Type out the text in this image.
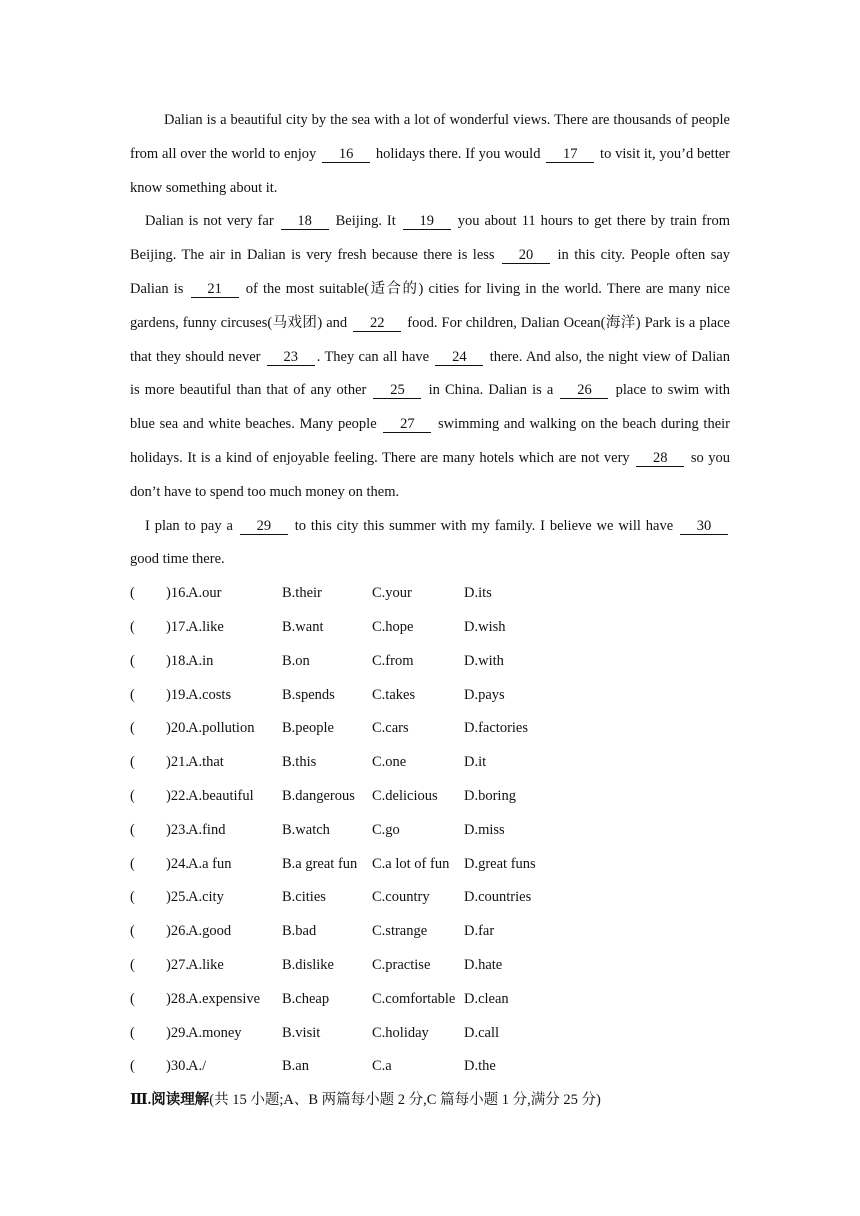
Dalian is a beautiful city by the sea with a lot of wonderful views. There are thousands of people from all over the world to enjoy 16 holidays there. If you would 17 to visit it, you’d better know something about it.

Dalian is not very far 18 Beijing. It 19 you about 11 hours to get there by train from Beijing. The air in Dalian is very fresh because there is less 20 in this city. People often say Dalian is 21 of the most suitable(适合的) cities for living in the world. There are many nice gardens, funny circuses(马戏团) and 22 food. For children, Dalian Ocean(海洋) Park is a place that they should never 23 . They can all have 24 there. And also, the night view of Dalian is more beautiful than that of any other 25 in China. Dalian is a 26 place to swim with blue sea and white beaches. Many people 27 swimming and walking on the beach during their holidays. It is a kind of enjoyable feeling. There are many hotels which are not very 28 so you don’t have to spend too much money on them.

I plan to pay a 29 to this city this summer with my family. I believe we will have 30 good time there.

( )16. A.our	B.their	C.your	D.its
( )17. A.like	B.want	C.hope	D.wish
( )18. A.in	B.on	C.from	D.with
( )19. A.costs	B.spends	C.takes	D.pays
( )20. A.pollution B.people	C.cars	D.factories
( )21. A.that	B.this	C.one	D.it
( )22. A.beautiful B.dangerous C.delicious D.boring
( )23. A.find	B.watch	C.go	D.miss
( )24. A.a fun	B.a great fun C.a lot of fun D.great funs
( )25. A.city	B.cities	C.country D.countries
( )26. A.good	B.bad	C.strange	D.far
( )27. A.like	B.dislike	C.practise D.hate
( )28. A.expensive B.cheap	C.comfortable D.clean
( )29. A.money	B.visit	C.holiday D.call
( )30. A./	B.an	C.a	D.the
Ⅲ.阅读理解(共 15 小题;A、B 两篇每小题 2 分,C 篇每小题 1 分,满分 25 分)
